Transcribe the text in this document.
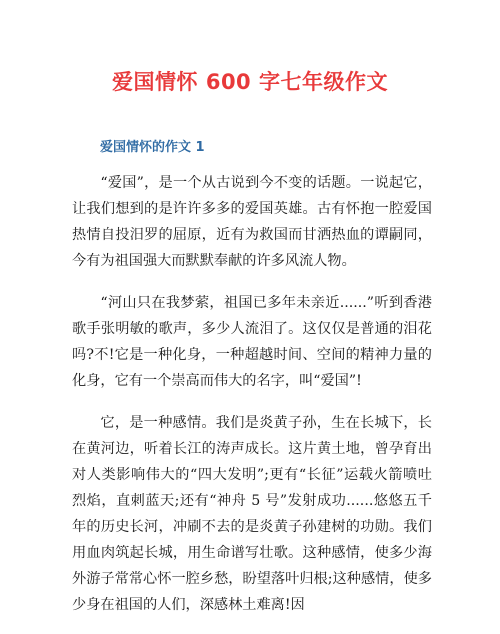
爱国情怀 600 字七年级作文
爱国情怀的作文 1

“爱国”，是一个从古说到今不变的话题。一说起它，让我们想到的是许许多多的爱国英雄。古有怀抱一腔爱国热情自投汨罗的屈原，近有为救国而甘洒热血的谭嗣同，今有为祖国强大而默默奉献的许多风流人物。

“河山只在我梦萦，祖国已多年未亲近......”听到香港歌手张明敏的歌声，多少人流泪了。这仅仅是普通的泪花吗?不!它是一种化身，一种超越时间、空间的精神力量的化身，它有一个崇高而伟大的名字，叫“爱国”!

它，是一种感情。我们是炎黄子孙，生在长城下，长在黄河边，听着长江的涛声成长。这片黄土地，曾孕育出对人类影响伟大的“四大发明”;更有“长征”运载火箭喷吐烈焰，直刺蓝天;还有“神舟 5 号”发射成功......悠悠五千年的历史长河，冲刷不去的是炎黄子孙建树的功勋。我们用血肉筑起长城，用生命谱写壮歌。这种感情，使多少海外游子常常心怀一腔乡愁，盼望落叶归根;这种感情，使多少身在祖国的人们，深感林土难离!因
